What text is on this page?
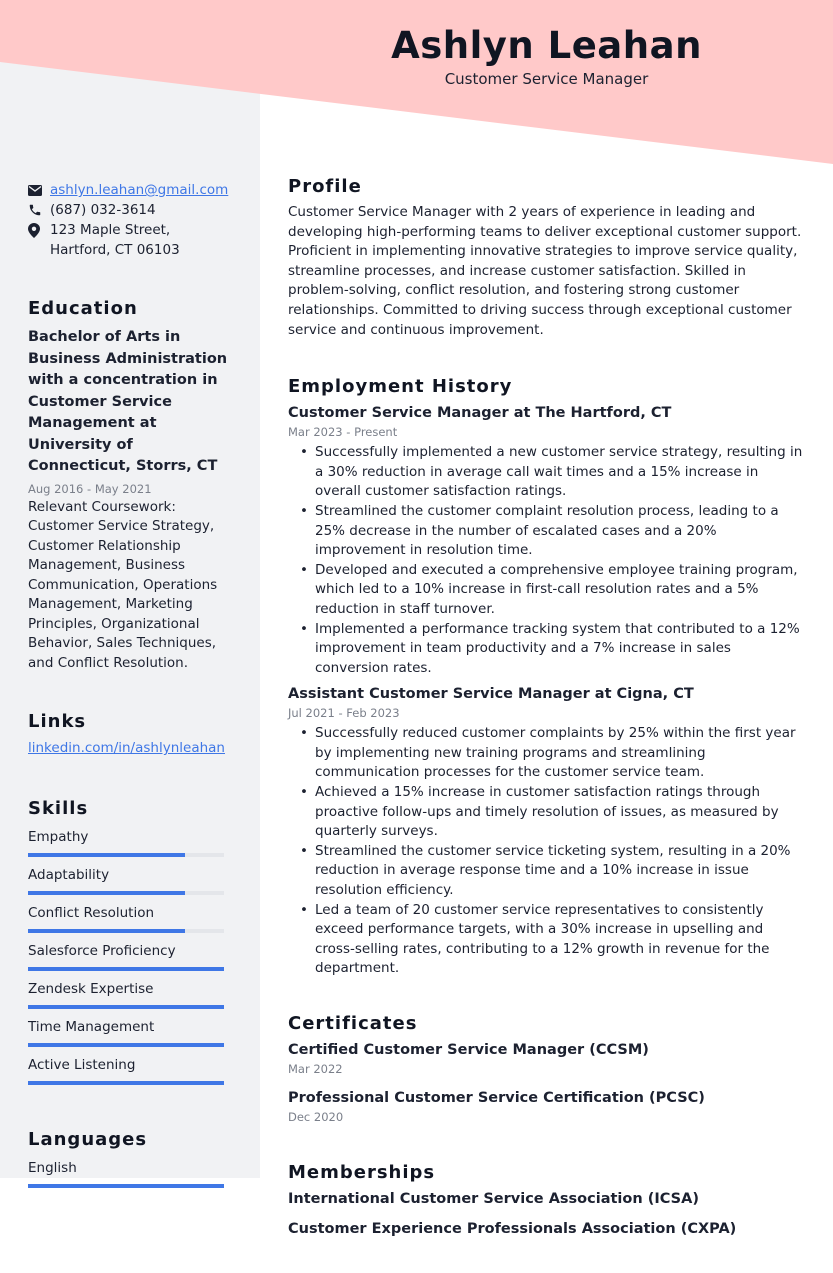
Ashlyn Leahan
Customer Service Manager
ashlyn.leahan@gmail.com
(687) 032-3614
123 Maple Street, Hartford, CT 06103
Education
Bachelor of Arts in Business Administration with a concentration in Customer Service Management at University of Connecticut, Storrs, CT
Aug 2016 - May 2021
Relevant Coursework: Customer Service Strategy, Customer Relationship Management, Business Communication, Operations Management, Marketing Principles, Organizational Behavior, Sales Techniques, and Conflict Resolution.
Links
linkedin.com/in/ashlynleahan
Skills
Empathy
Adaptability
Conflict Resolution
Salesforce Proficiency
Zendesk Expertise
Time Management
Active Listening
Languages
English
Profile
Customer Service Manager with 2 years of experience in leading and developing high-performing teams to deliver exceptional customer support. Proficient in implementing innovative strategies to improve service quality, streamline processes, and increase customer satisfaction. Skilled in problem-solving, conflict resolution, and fostering strong customer relationships. Committed to driving success through exceptional customer service and continuous improvement.
Employment History
Customer Service Manager at The Hartford, CT
Mar 2023 - Present
• Successfully implemented a new customer service strategy, resulting in a 30% reduction in average call wait times and a 15% increase in overall customer satisfaction ratings.
• Streamlined the customer complaint resolution process, leading to a 25% decrease in the number of escalated cases and a 20% improvement in resolution time.
• Developed and executed a comprehensive employee training program, which led to a 10% increase in first-call resolution rates and a 5% reduction in staff turnover.
• Implemented a performance tracking system that contributed to a 12% improvement in team productivity and a 7% increase in sales conversion rates.
Assistant Customer Service Manager at Cigna, CT
Jul 2021 - Feb 2023
• Successfully reduced customer complaints by 25% within the first year by implementing new training programs and streamlining communication processes for the customer service team.
• Achieved a 15% increase in customer satisfaction ratings through proactive follow-ups and timely resolution of issues, as measured by quarterly surveys.
• Streamlined the customer service ticketing system, resulting in a 20% reduction in average response time and a 10% increase in issue resolution efficiency.
• Led a team of 20 customer service representatives to consistently exceed performance targets, with a 30% increase in upselling and cross-selling rates, contributing to a 12% growth in revenue for the department.
Certificates
Certified Customer Service Manager (CCSM)
Mar 2022
Professional Customer Service Certification (PCSC)
Dec 2020
Memberships
International Customer Service Association (ICSA)
Customer Experience Professionals Association (CXPA)
